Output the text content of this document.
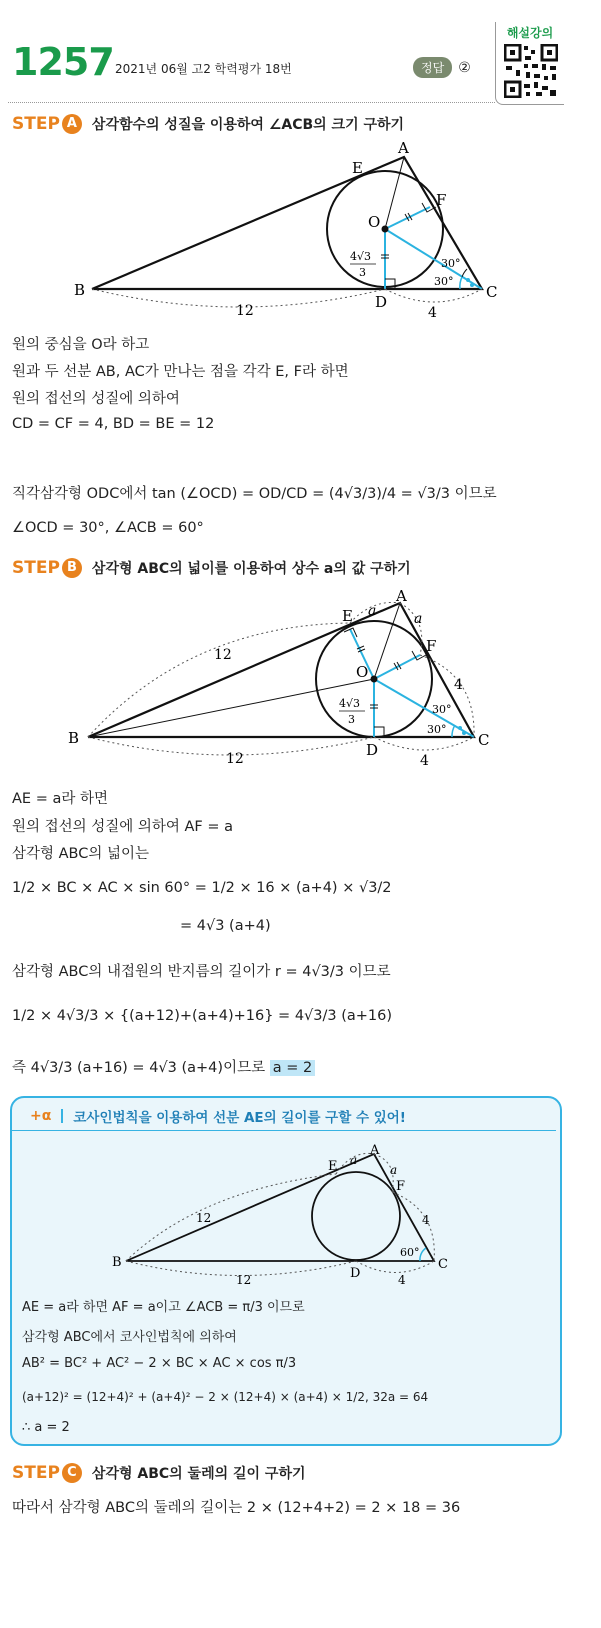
1257 2021년 06월 고2 학력평가 18번	정답	②
해설강의
STEP A	삼각함수의 성질을 이용하여 ∠ACB의 크기 구하기
A
B	C
D
E
F
O
4√3
3
12	4
30°
30°
원의 중심을 O라 하고
원과 두 선분 AB, AC가 만나는 점을 각각 E, F라 하면
원의 접선의 성질에 의하여
CD = CF = 4, BD = BE = 12
직각삼각형 ODC에서 tan (∠OCD) = OD/CD = (4√3/3)/4 = √3/3 이므로
∠OCD = 30°, ∠ACB = 60°
STEP B	삼각형 ABC의 넓이를 이용하여 상수 a의 값 구하기
A
B	C
D
E
F
O
a	a
12
12
4
4
4√3
3
30°
30°
AE = a라 하면
원의 접선의 성질에 의하여 AF = a
삼각형 ABC의 넓이는
1/2 × BC × AC × sin 60° = 1/2 × 16 × (a+4) × √3/2
= 4√3 (a+4)
삼각형 ABC의 내접원의 반지름의 길이가 r = 4√3/3 이므로
1/2 × 4√3/3 × {(a+12)+(a+4)+16} = 4√3/3 (a+16)
즉 4√3/3 (a+16) = 4√3 (a+4)이므로 a = 2
+α 코사인법칙을 이용하여 선분 AE의 길이를 구할 수 있어!
A
B	C
D
E
F
a
a
12
12
4
4
60°
AE = a라 하면 AF = a이고 ∠ACB = π/3 이므로
삼각형 ABC에서 코사인법칙에 의하여
AB² = BC² + AC² − 2 × BC × AC × cos π/3
(a+12)² = (12+4)² + (a+4)² − 2 × (12+4) × (a+4) × 1/2, 32a = 64
∴ a = 2
STEP C	삼각형 ABC의 둘레의 길이 구하기
따라서 삼각형 ABC의 둘레의 길이는 2 × (12+4+2) = 2 × 18 = 36
